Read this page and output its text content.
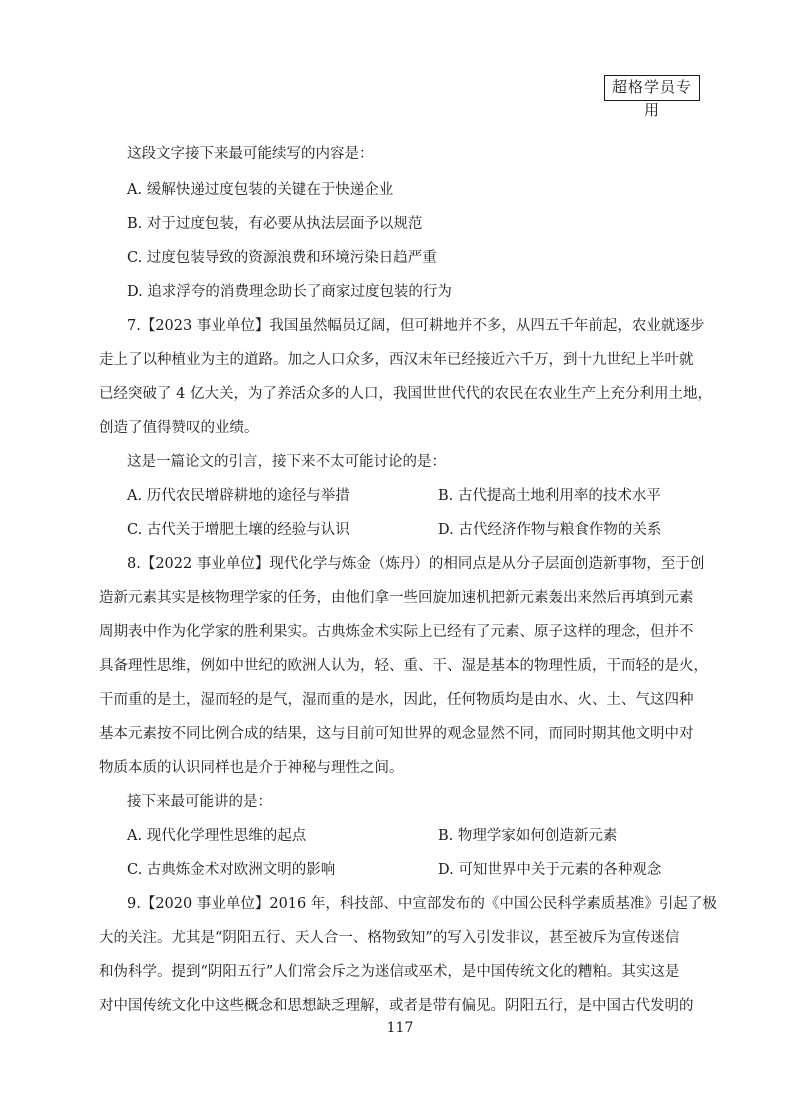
超格学员专用
这段文字接下来最可能续写的内容是：
A. 缓解快递过度包装的关键在于快递企业
B. 对于过度包装，有必要从执法层面予以规范
C. 过度包装导致的资源浪费和环境污染日趋严重
D. 追求浮夸的消费理念助长了商家过度包装的行为
7.【2023 事业单位】我国虽然幅员辽阔，但可耕地并不多，从四五千年前起，农业就逐步
走上了以种植业为主的道路。加之人口众多，西汉末年已经接近六千万，到十九世纪上半叶就
已经突破了 4 亿大关，为了养活众多的人口，我国世世代代的农民在农业生产上充分利用土地，
创造了值得赞叹的业绩。
这是一篇论文的引言，接下来不太可能讨论的是：
A. 历代农民增辟耕地的途径与举措	B. 古代提高土地利用率的技术水平
C. 古代关于增肥土壤的经验与认识	D. 古代经济作物与粮食作物的关系
8.【2022 事业单位】现代化学与炼金（炼丹）的相同点是从分子层面创造新事物，至于创
造新元素其实是核物理学家的任务，由他们拿一些回旋加速机把新元素轰出来然后再填到元素
周期表中作为化学家的胜利果实。古典炼金术实际上已经有了元素、原子这样的理念，但并不
具备理性思维，例如中世纪的欧洲人认为，轻、重、干、湿是基本的物理性质，干而轻的是火，
干而重的是土，湿而轻的是气，湿而重的是水，因此，任何物质均是由水、火、土、气这四种
基本元素按不同比例合成的结果，这与目前可知世界的观念显然不同，而同时期其他文明中对
物质本质的认识同样也是介于神秘与理性之间。
接下来最可能讲的是：
A. 现代化学理性思维的起点	B. 物理学家如何创造新元素
C. 古典炼金术对欧洲文明的影响	D. 可知世界中关于元素的各种观念
9.【2020 事业单位】2016 年，科技部、中宣部发布的《中国公民科学素质基准》引起了极
大的关注。尤其是“阴阳五行、天人合一、格物致知”的写入引发非议，甚至被斥为宣传迷信
和伪科学。提到“阴阳五行”人们常会斥之为迷信或巫术，是中国传统文化的糟粕。其实这是
对中国传统文化中这些概念和思想缺乏理解，或者是带有偏见。阴阳五行，是中国古代发明的
117
